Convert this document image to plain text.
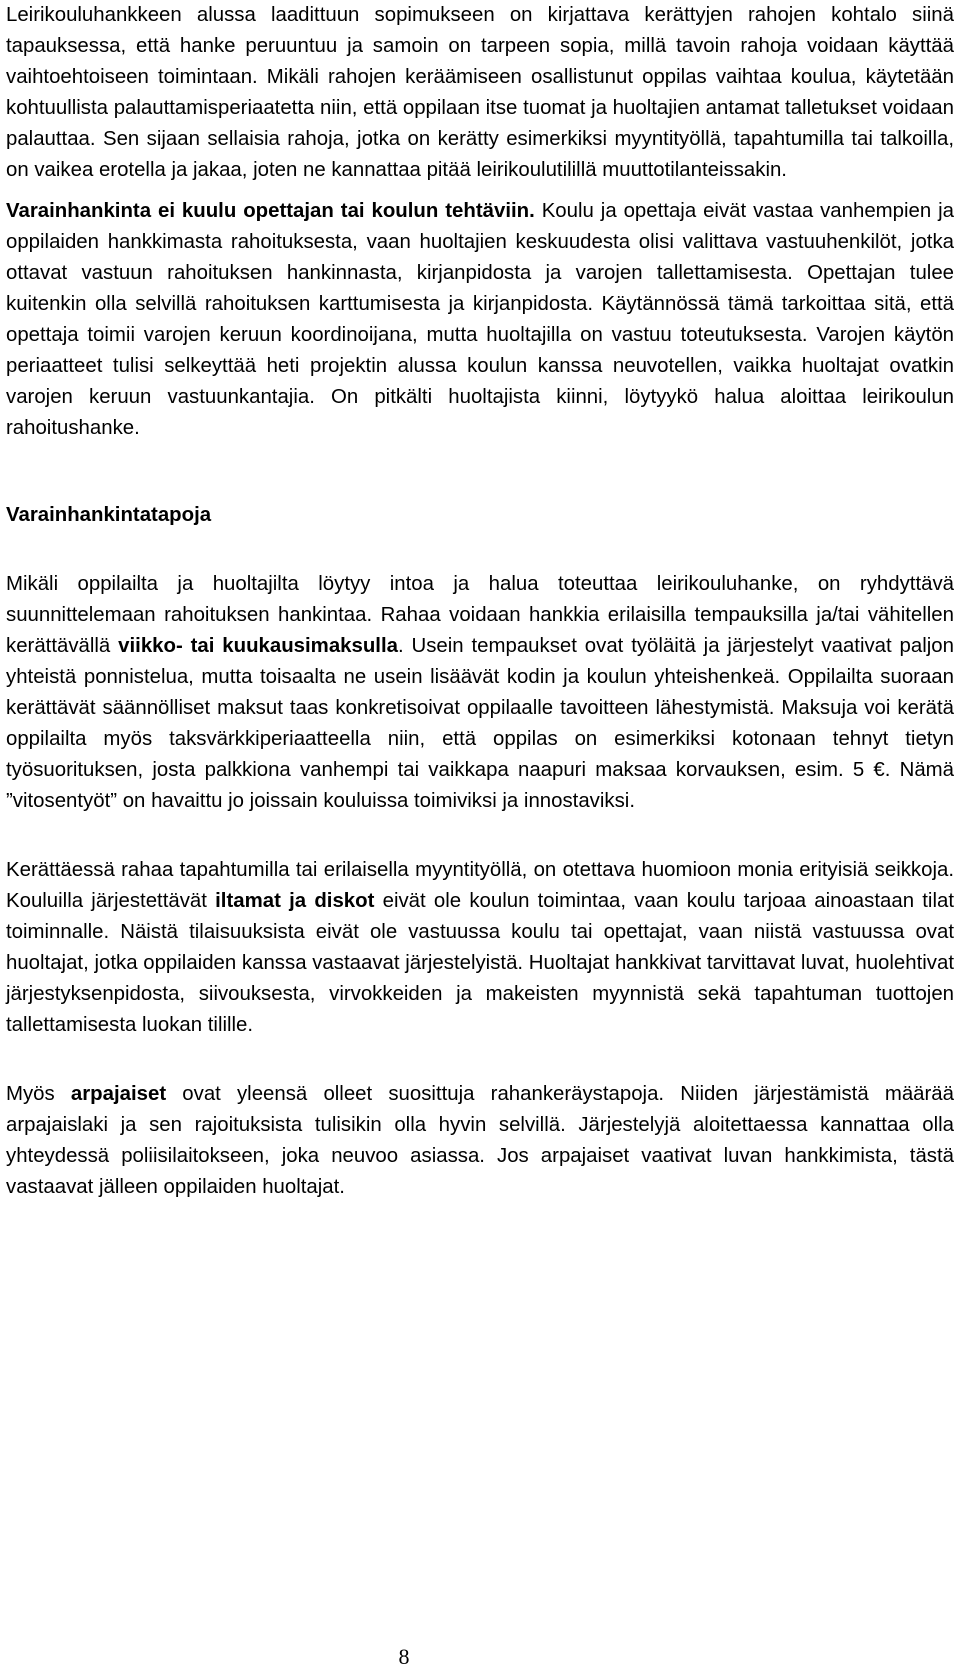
Leirikouluhankkeen alussa laadittuun sopimukseen on kirjattava kerättyjen rahojen kohtalo siinä tapauksessa, että hanke peruuntuu ja samoin on tarpeen sopia, millä tavoin rahoja voidaan käyttää vaihtoehtoiseen toimintaan. Mikäli rahojen keräämiseen osallistunut oppilas vaihtaa koulua, käytetään kohtuullista palauttamisperiaatetta niin, että oppilaan itse tuomat ja huoltajien antamat talletukset voidaan palauttaa. Sen sijaan sellaisia rahoja, jotka on kerätty esimerkiksi myyntityöllä, tapahtumilla tai talkoilla, on vaikea erotella ja jakaa, joten ne kannattaa pitää leirikoulutilillä muuttotilanteissakin.

Varainhankinta ei kuulu opettajan tai koulun tehtäviin. Koulu ja opettaja eivät vastaa vanhempien ja oppilaiden hankkimasta rahoituksesta, vaan huoltajien keskuudesta olisi valittava vastuuhenkilöt, jotka ottavat vastuun rahoituksen hankinnasta, kirjanpidosta ja varojen tallettamisesta. Opettajan tulee kuitenkin olla selvillä rahoituksen karttumisesta ja kirjanpidosta. Käytännössä tämä tarkoittaa sitä, että opettaja toimii varojen keruun koordinoijana, mutta huoltajilla on vastuu toteutuksesta. Varojen käytön periaatteet tulisi selkeyttää heti projektin alussa koulun kanssa neuvotellen, vaikka huoltajat ovatkin varojen keruun vastuunkantajia. On pitkälti huoltajista kiinni, löytyykö halua aloittaa leirikoulun rahoitushanke.

Varainhankintatapoja

Mikäli oppilailta ja huoltajilta löytyy intoa ja halua toteuttaa leirikouluhanke, on ryhdyttävä suunnittelemaan rahoituksen hankintaa. Rahaa voidaan hankkia erilaisilla tempauksilla ja/tai vähitellen kerättävällä viikko- tai kuukausimaksulla. Usein tempaukset ovat työläitä ja järjestelyt vaativat paljon yhteistä ponnistelua, mutta toisaalta ne usein lisäävät kodin ja koulun yhteishenkeä. Oppilailta suoraan kerättävät säännölliset maksut taas konkretisoivat oppilaalle tavoitteen lähestymistä. Maksuja voi kerätä oppilailta myös taksvärkkiperiaatteella niin, että oppilas on esimerkiksi kotonaan tehnyt tietyn työsuorituksen, josta palkkiona vanhempi tai vaikkapa naapuri maksaa korvauksen, esim. 5 €. Nämä ”vitosentyöt” on havaittu jo joissain kouluissa toimiviksi ja innostaviksi.

Kerättäessä rahaa tapahtumilla tai erilaisella myyntityöllä, on otettava huomioon monia erityisiä seikkoja. Kouluilla järjestettävät iltamat ja diskot eivät ole koulun toimintaa, vaan koulu tarjoaa ainoastaan tilat toiminnalle. Näistä tilaisuuksista eivät ole vastuussa koulu tai opettajat, vaan niistä vastuussa ovat huoltajat, jotka oppilaiden kanssa vastaavat järjestelyistä. Huoltajat hankkivat tarvittavat luvat, huolehtivat järjestyksenpidosta, siivouksesta, virvokkeiden ja makeisten myynnistä sekä tapahtuman tuottojen tallettamisesta luokan tilille.

Myös arpajaiset ovat yleensä olleet suosittuja rahankeräystapoja. Niiden järjestämistä määrää arpajaislaki ja sen rajoituksista tulisikin olla hyvin selvillä. Järjestelyjä aloitettaessa kannattaa olla yhteydessä poliisilaitokseen, joka neuvoo asiassa. Jos arpajaiset vaativat luvan hankkimista, tästä vastaavat jälleen oppilaiden huoltajat.

8
